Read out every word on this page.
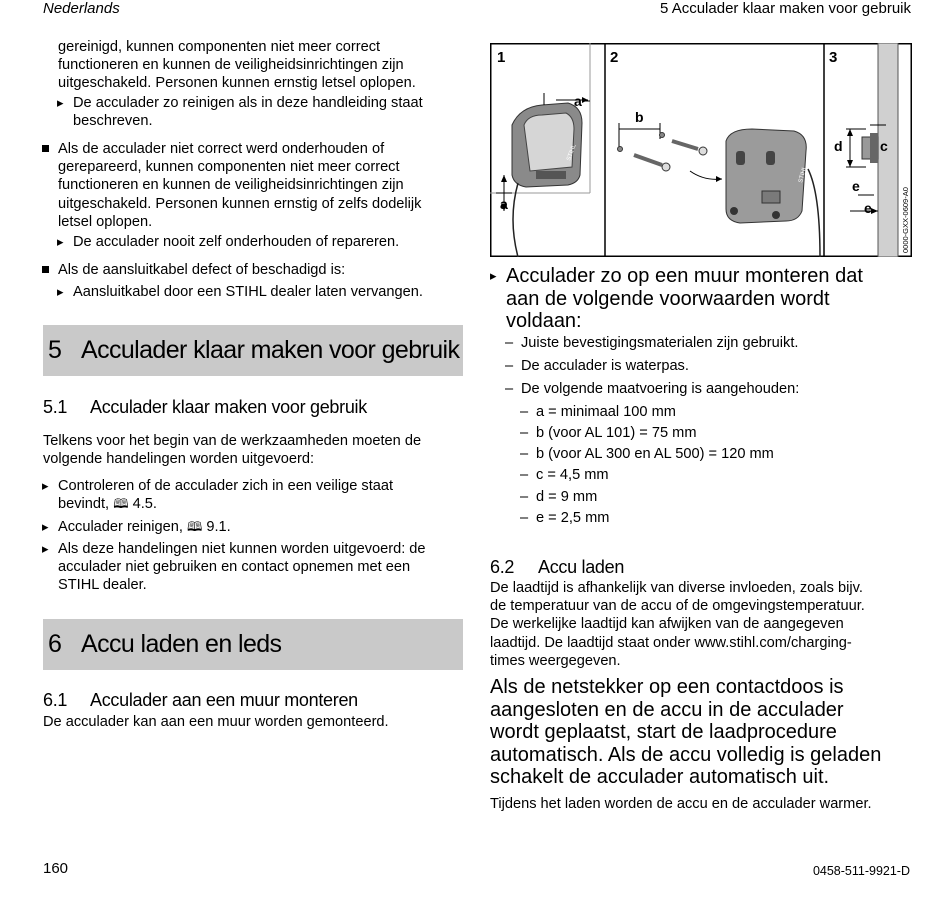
Nederlands	5 Acculader klaar maken voor gebruik
gereinigd, kunnen componenten niet meer correct
functioneren en kunnen de veiligheidsinrichtingen zijn
uitgeschakeld. Personen kunnen ernstig letsel oplopen.
▸ De acculader zo reinigen als in deze handleiding staat
beschreven.
Als de acculader niet correct werd onderhouden of
gerepareerd, kunnen componenten niet meer correct
functioneren en kunnen de veiligheidsinrichtingen zijn
uitgeschakeld. Personen kunnen ernstig of zelfs dodelijk
letsel oplopen.
▸ De acculader nooit zelf onderhouden of repareren.
Als de aansluitkabel defect of beschadigd is:
▸ Aansluitkabel door een STIHL dealer laten vervangen.
5 Acculader klaar maken voor gebruik
5.1 Acculader klaar maken voor gebruik
Telkens voor het begin van de werkzaamheden moeten de
volgende handelingen worden uitgevoerd:
▸ Controleren of de acculader zich in een veilige staat
bevindt, 🕮 4.5.
▸ Acculader reinigen, 🕮 9.1.
▸ Als deze handelingen niet kunnen worden uitgevoerd: de
acculader niet gebruiken en contact opnemen met een
STIHL dealer.
6 Accu laden en leds
6.1 Acculader aan een muur monteren
De acculader kan aan een muur worden gemonteerd.
1	2	3
STIHL
a
a
b
STIHL
d	c
e
e	0000-GXX-0609-A0
▸ Acculader zo op een muur monteren dat
aan de volgende voorwaarden wordt
voldaan:
– Juiste bevestigingsmaterialen zijn gebruikt.
– De acculader is waterpas.
– De volgende maatvoering is aangehouden:
– a = minimaal 100 mm
– b (voor AL 101) = 75 mm
– b (voor AL 300 en AL 500) = 120 mm
– c = 4,5 mm
– d = 9 mm
– e = 2,5 mm
6.2 Accu laden
De laadtijd is afhankelijk van diverse invloeden, zoals bijv.
de temperatuur van de accu of de omgevingstemperatuur.
De werkelijke laadtijd kan afwijken van de aangegeven
laadtijd. De laadtijd staat onder www.stihl.com/charging-
times weergegeven.
Als de netstekker op een contactdoos is
aangesloten en de accu in de acculader
wordt geplaatst, start de laadprocedure
automatisch. Als de accu volledig is geladen
schakelt de acculader automatisch uit.
Tijdens het laden worden de accu en de acculader warmer.
160	0458-511-9921-D
